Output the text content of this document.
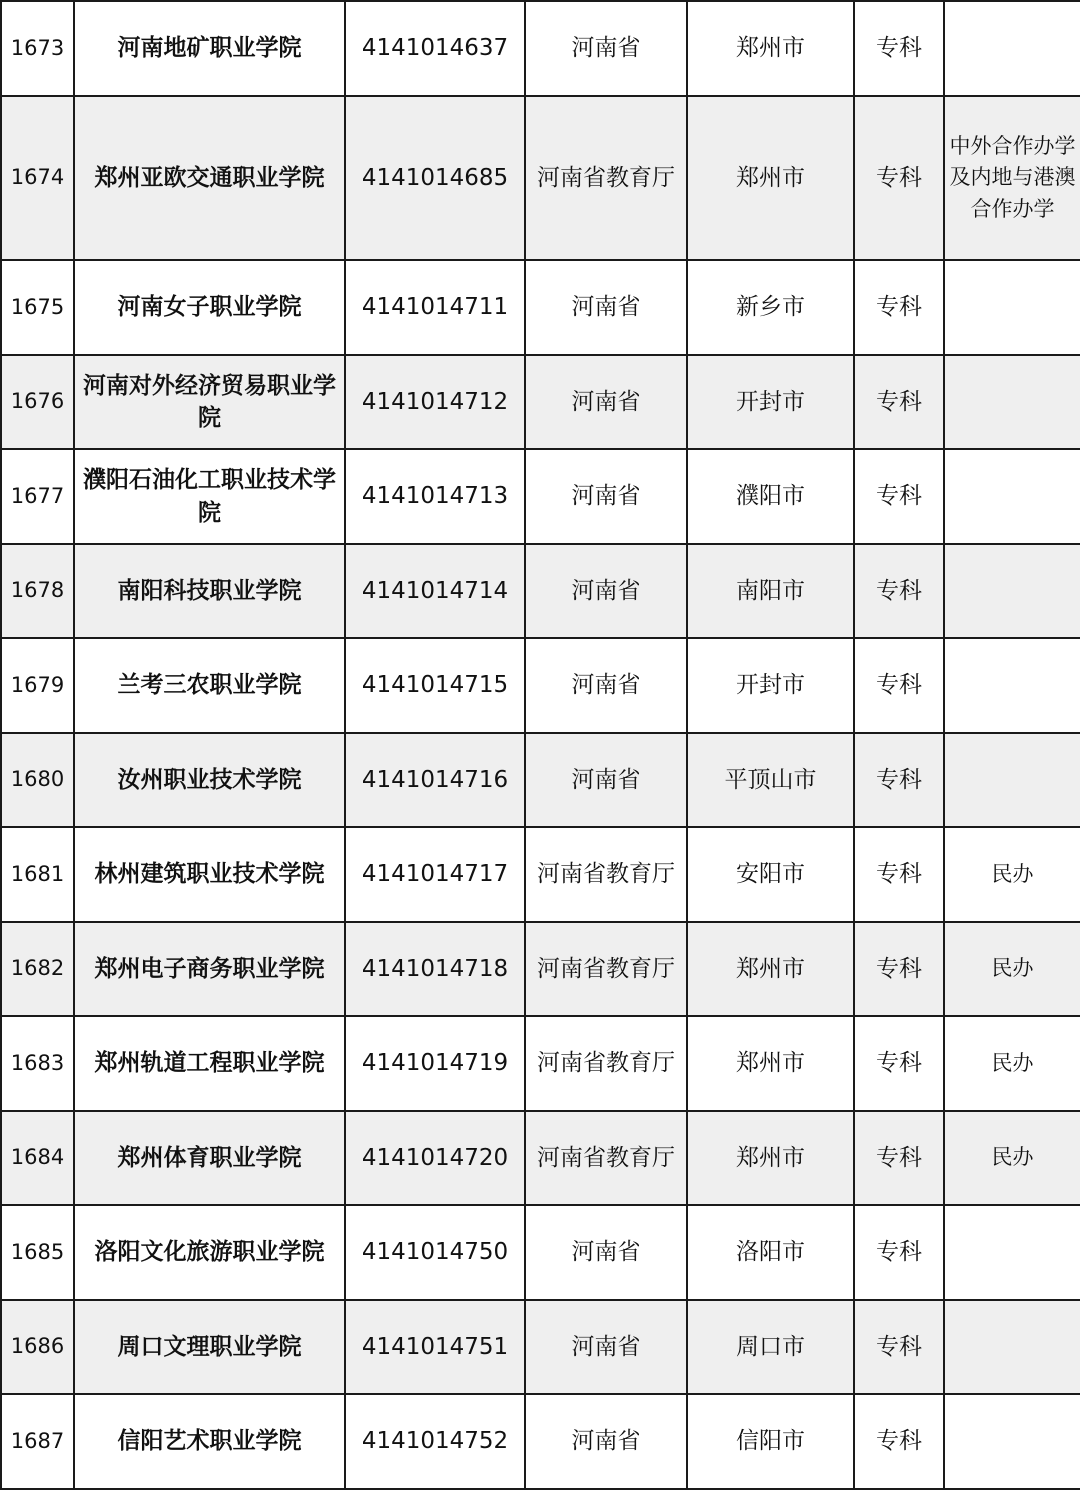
1673	河南地矿职业学院	4141014637	河南省	郑州市	专科	
1674	郑州亚欧交通职业学院	4141014685	河南省教育厅	郑州市	专科	中外合作办学及内地与港澳合作办学
1675	河南女子职业学院	4141014711	河南省	新乡市	专科	
1676	河南对外经济贸易职业学院	4141014712	河南省	开封市	专科	
1677	濮阳石油化工职业技术学院	4141014713	河南省	濮阳市	专科	
1678	南阳科技职业学院	4141014714	河南省	南阳市	专科	
1679	兰考三农职业学院	4141014715	河南省	开封市	专科	
1680	汝州职业技术学院	4141014716	河南省	平顶山市	专科	
1681	林州建筑职业技术学院	4141014717	河南省教育厅	安阳市	专科	民办
1682	郑州电子商务职业学院	4141014718	河南省教育厅	郑州市	专科	民办
1683	郑州轨道工程职业学院	4141014719	河南省教育厅	郑州市	专科	民办
1684	郑州体育职业学院	4141014720	河南省教育厅	郑州市	专科	民办
1685	洛阳文化旅游职业学院	4141014750	河南省	洛阳市	专科	
1686	周口文理职业学院	4141014751	河南省	周口市	专科	
1687	信阳艺术职业学院	4141014752	河南省	信阳市	专科	
